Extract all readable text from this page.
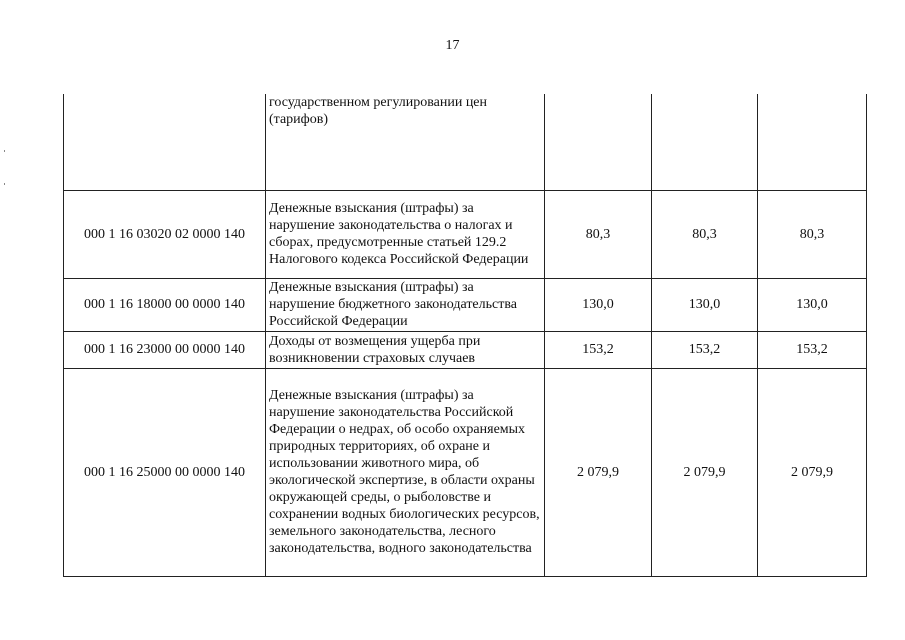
17
	государственном регулировании цен (тарифов)			
000 1 16 03020 02 0000 140	Денежные взыскания (штрафы) за нарушение законодательства о налогах и сборах, предусмотренные статьей 129.2 Налогового кодекса Российской Федерации	80,3	80,3	80,3
000 1 16 18000 00 0000 140	Денежные взыскания (штрафы) за нарушение бюджетного законодательства Российской Федерации	130,0	130,0	130,0
000 1 16 23000 00 0000 140	Доходы от возмещения ущерба при возникновении страховых случаев	153,2	153,2	153,2
000 1 16 25000 00 0000 140	Денежные взыскания (штрафы) за нарушение законодательства Российской Федерации о недрах, об особо охраняемых природных территориях, об охране и использовании животного мира, об экологической экспертизе, в области охраны окружающей среды, о рыболовстве и сохранении водных биологических ресурсов, земельного законодательства, лесного законодательства, водного законодательства	2 079,9	2 079,9	2 079,9
